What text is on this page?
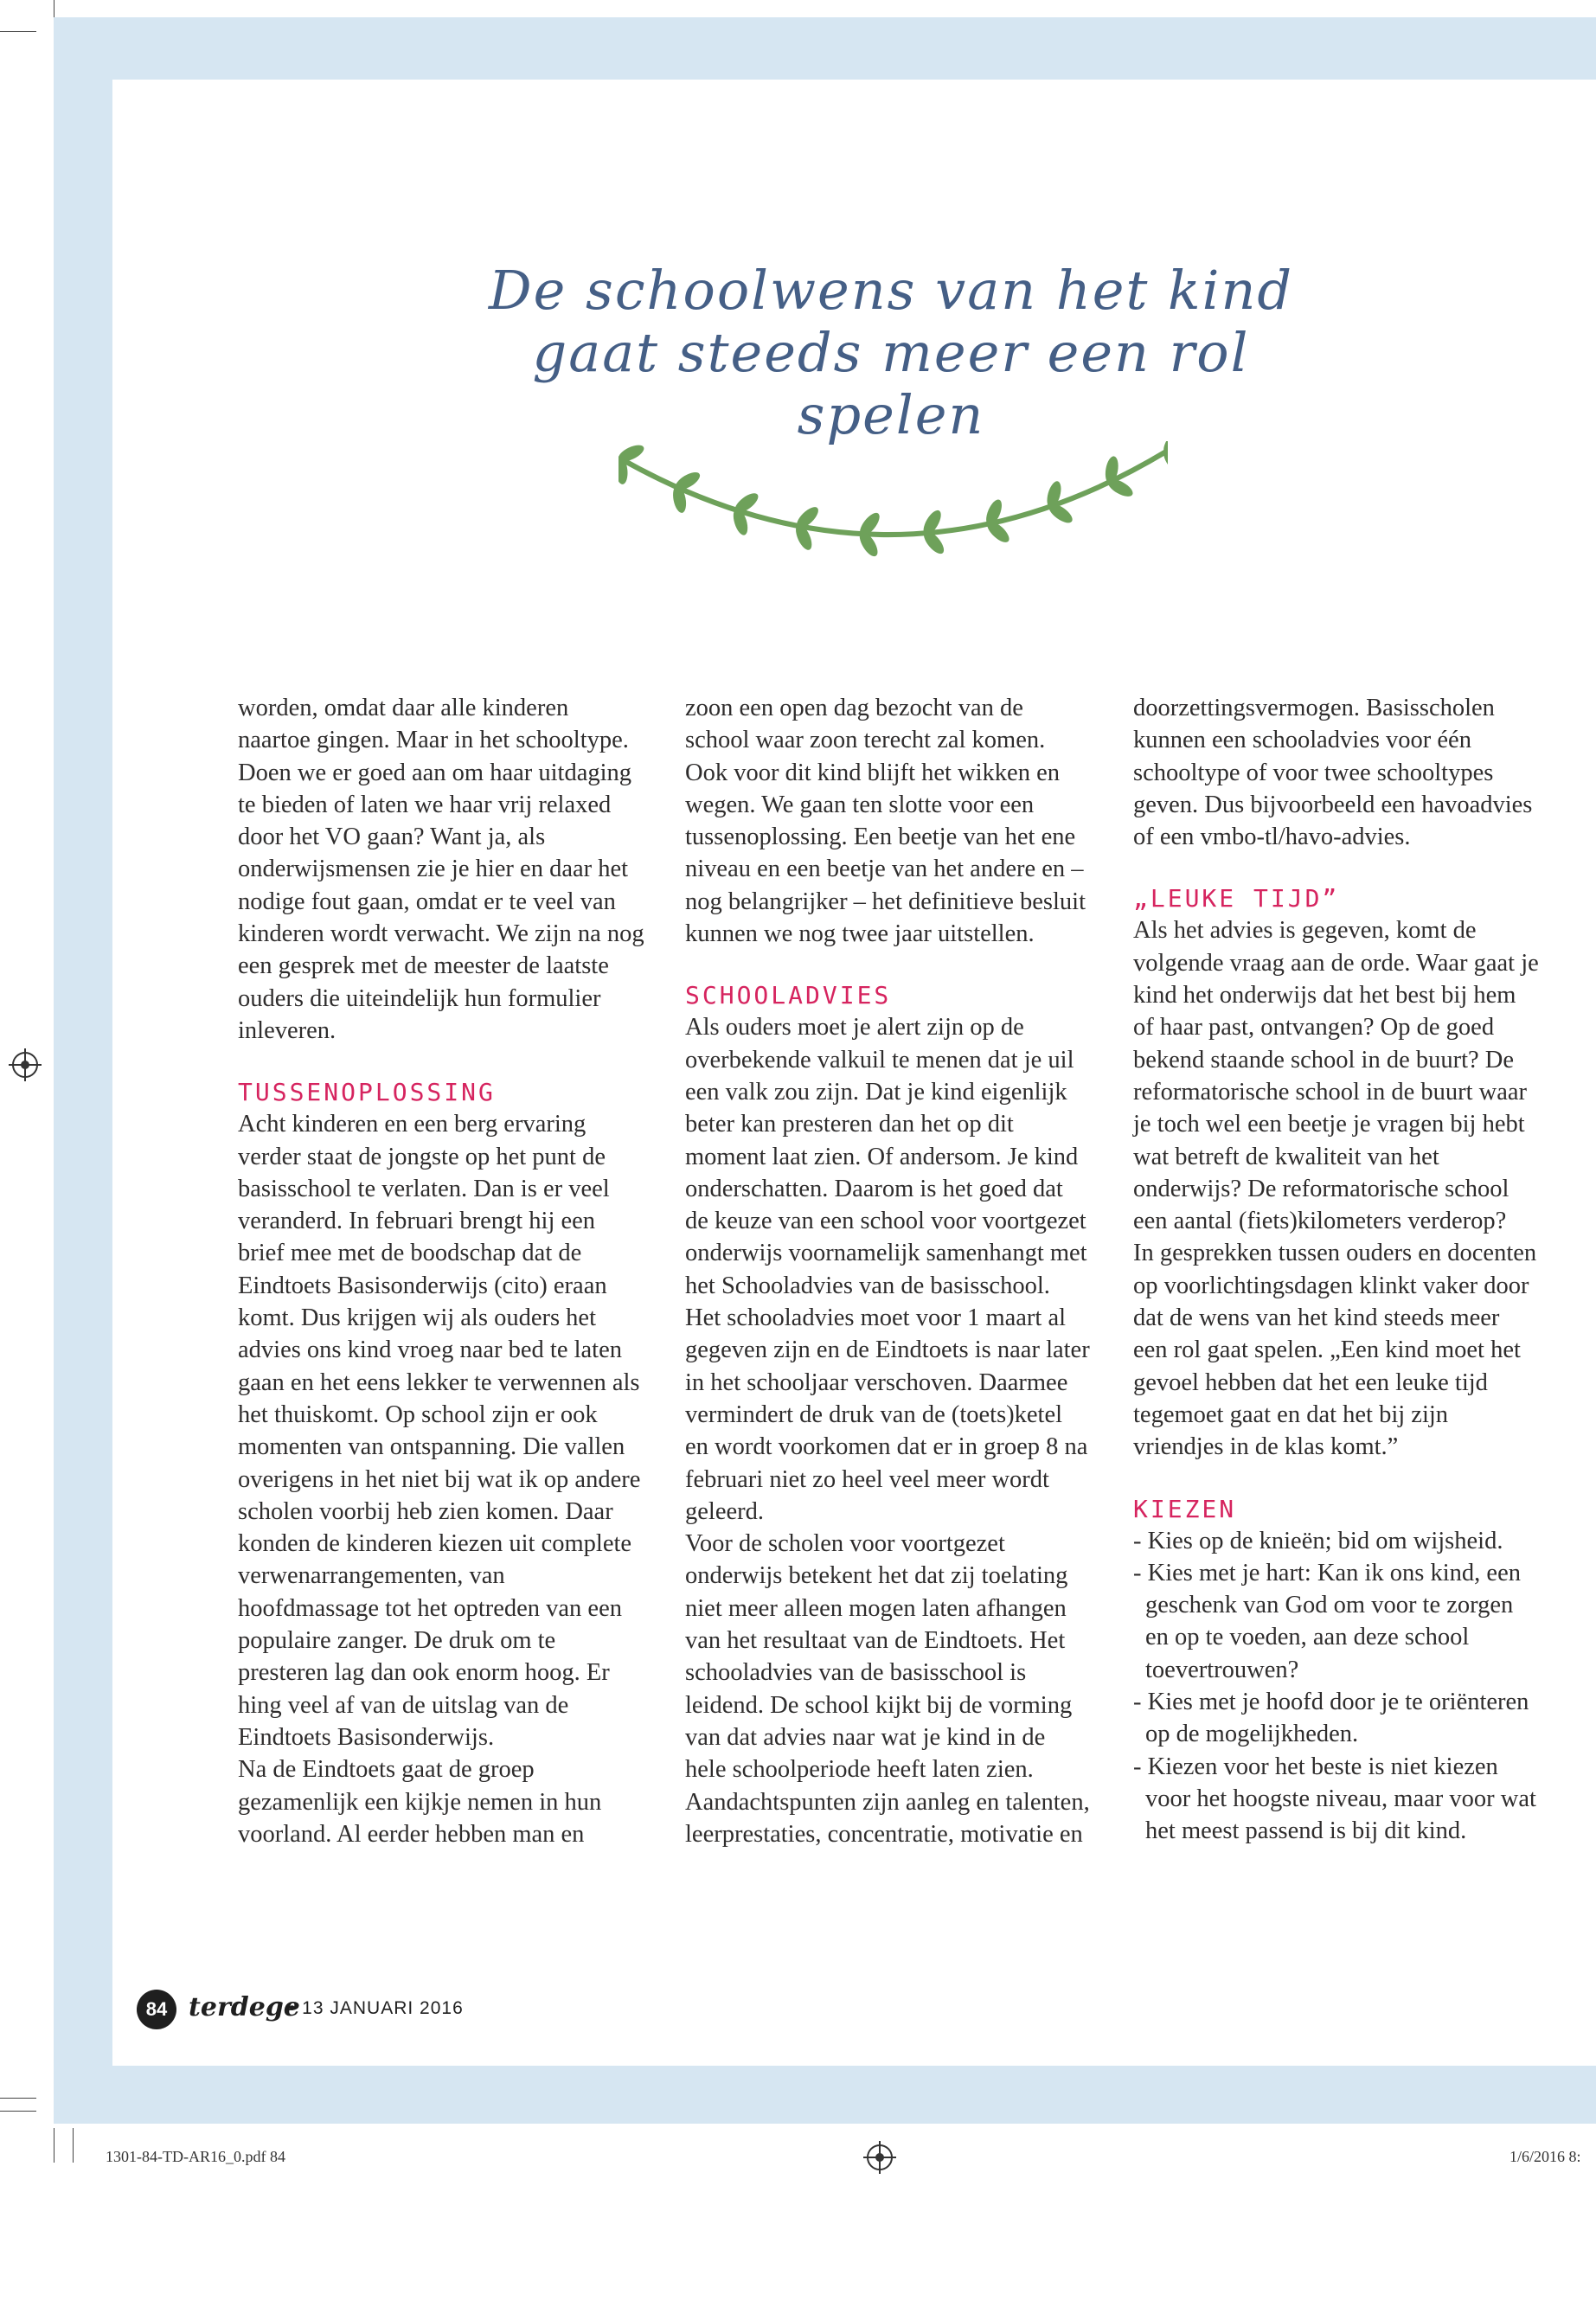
De schoolwens van het kind gaat steeds meer een rol spelen

worden, omdat daar alle kinderen naartoe gingen. Maar in het schooltype.

Doen we er goed aan om haar uitdaging te bieden of laten we haar vrij relaxed door het VO gaan? Want ja, als onderwijsmensen zie je hier en daar het nodige fout gaan, omdat er te veel van kinderen wordt verwacht. We zijn na nog een gesprek met de meester de laatste ouders die uiteindelijk hun formulier inleveren.

TUSSENOPLOSSING

Acht kinderen en een berg ervaring verder staat de jongste op het punt de basisschool te verlaten. Dan is er veel veranderd. In februari brengt hij een brief mee met de boodschap dat de Eindtoets Basisonderwijs (cito) eraan komt. Dus krijgen wij als ouders het advies ons kind vroeg naar bed te laten gaan en het eens lekker te verwennen als het thuiskomt. Op school zijn er ook momenten van ontspanning. Die vallen overigens in het niet bij wat ik op andere scholen voorbij heb zien komen. Daar konden de kinderen kiezen uit complete verwenarrangementen, van hoofdmassage tot het optreden van een populaire zanger. De druk om te presteren lag dan ook enorm hoog. Er hing veel af van de uitslag van de Eindtoets Basisonderwijs.

Na de Eindtoets gaat de groep gezamenlijk een kijkje nemen in hun voorland. Al eerder hebben man en

zoon een open dag bezocht van de school waar zoon terecht zal komen. Ook voor dit kind blijft het wikken en wegen. We gaan ten slotte voor een tussenoplossing. Een beetje van het ene niveau en een beetje van het andere en – nog belangrijker – het definitieve besluit kunnen we nog twee jaar uitstellen.

SCHOOLADVIES

Als ouders moet je alert zijn op de overbekende valkuil te menen dat je uil een valk zou zijn. Dat je kind eigenlijk beter kan presteren dan het op dit moment laat zien. Of andersom. Je kind onderschatten. Daarom is het goed dat de keuze van een school voor voortgezet onderwijs voornamelijk samenhangt met het Schooladvies van de basisschool. Het schooladvies moet voor 1 maart al gegeven zijn en de Eindtoets is naar later in het schooljaar verschoven. Daarmee vermindert de druk van de (toets)ketel en wordt voorkomen dat er in groep 8 na februari niet zo heel veel meer wordt geleerd.

Voor de scholen voor voortgezet onderwijs betekent het dat zij toelating niet meer alleen mogen laten afhangen van het resultaat van de Eindtoets. Het schooladvies van de basisschool is leidend. De school kijkt bij de vorming van dat advies naar wat je kind in de hele schoolperiode heeft laten zien. Aandachtspunten zijn aanleg en talenten, leerprestaties, concentratie, motivatie en

doorzettingsvermogen. Basisscholen kunnen een schooladvies voor één schooltype of voor twee schooltypes geven. Dus bijvoorbeeld een havoadvies of een vmbo-tl/havo-advies.

„LEUKE TIJD”

Als het advies is gegeven, komt de volgende vraag aan de orde. Waar gaat je kind het onderwijs dat het best bij hem of haar past, ontvangen? Op de goed bekend staande school in de buurt? De reformatorische school in de buurt waar je toch wel een beetje je vragen bij hebt wat betreft de kwaliteit van het onderwijs? De reformatorische school een aantal (fiets)kilometers verderop?

In gesprekken tussen ouders en docenten op voorlichtingsdagen klinkt vaker door dat de wens van het kind steeds meer een rol gaat spelen. „Een kind moet het gevoel hebben dat het een leuke tijd tegemoet gaat en dat het bij zijn vriendjes in de klas komt.”

KIEZEN
- Kies op de knieën; bid om wijsheid.
- Kies met je hart: Kan ik ons kind, een geschenk van God om voor te zorgen en op te voeden, aan deze school toevertrouwen?
- Kies met je hoofd door je te oriënteren op de mogelijkheden.
- Kiezen voor het beste is niet kiezen voor het hoogste niveau, maar voor wat het meest passend is bij dit kind.
84 terdege
• 13 JANUARI 2016
1301-84-TD-AR16_0.pdf 84	1/6/2016 8:
